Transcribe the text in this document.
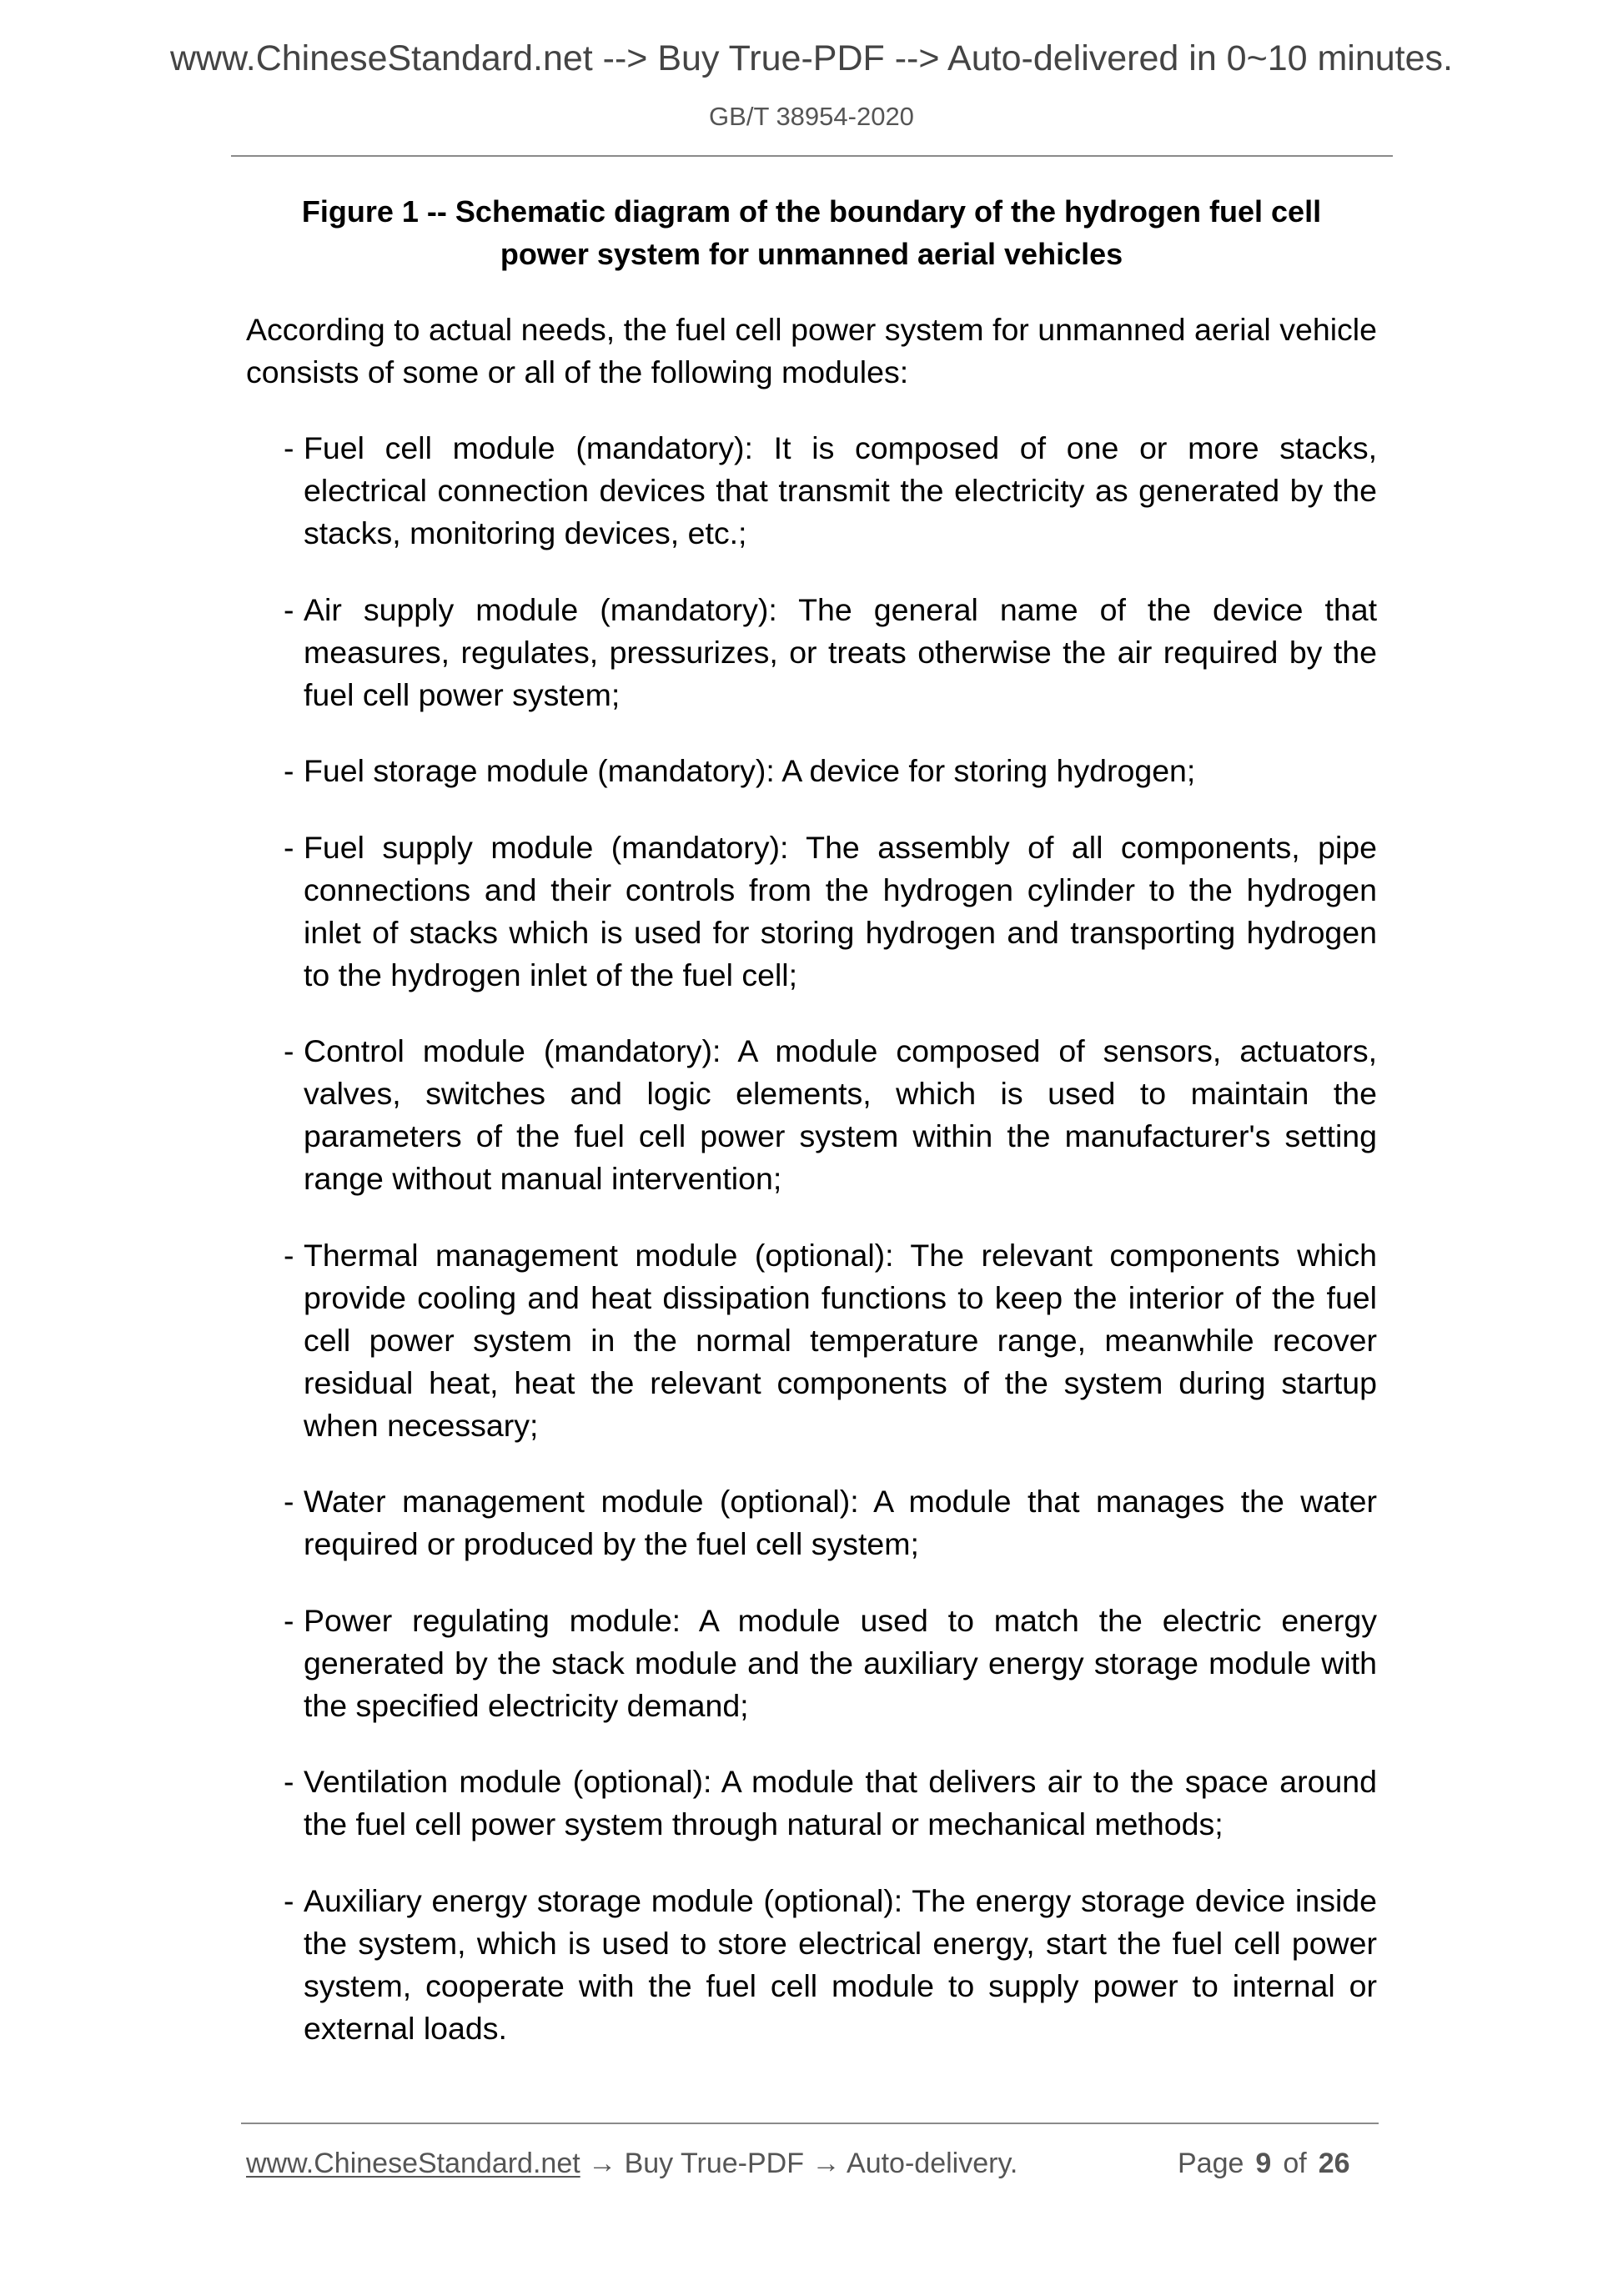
www.ChineseStandard.net --> Buy True-PDF --> Auto-delivered in 0~10 minutes.
GB/T 38954-2020
Figure 1 -- Schematic diagram of the boundary of the hydrogen fuel cell
power system for unmanned aerial vehicles

According to actual needs, the fuel cell power system for unmanned aerial vehicle consists of some or all of the following modules:

- Fuel cell module (mandatory): It is composed of one or more stacks, electrical connection devices that transmit the electricity as generated by the stacks, monitoring devices, etc.;
- Air supply module (mandatory): The general name of the device that measures, regulates, pressurizes, or treats otherwise the air required by the fuel cell power system;
- Fuel storage module (mandatory): A device for storing hydrogen;
- Fuel supply module (mandatory): The assembly of all components, pipe connections and their controls from the hydrogen cylinder to the hydrogen inlet of stacks which is used for storing hydrogen and transporting hydrogen to the hydrogen inlet of the fuel cell;
- Control module (mandatory): A module composed of sensors, actuators, valves, switches and logic elements, which is used to maintain the parameters of the fuel cell power system within the manufacturer's setting range without manual intervention;
- Thermal management module (optional): The relevant components which provide cooling and heat dissipation functions to keep the interior of the fuel cell power system in the normal temperature range, meanwhile recover residual heat, heat the relevant components of the system during startup when necessary;
- Water management module (optional): A module that manages the water required or produced by the fuel cell system;
- Power regulating module: A module used to match the electric energy generated by the stack module and the auxiliary energy storage module with the specified electricity demand;
- Ventilation module (optional): A module that delivers air to the space around the fuel cell power system through natural or mechanical methods;
- Auxiliary energy storage module (optional): The energy storage device inside the system, which is used to store electrical energy, start the fuel cell power system, cooperate with the fuel cell module to supply power to internal or external loads.
www.ChineseStandard.net → Buy True-PDF → Auto-delivery.	Page 9 of 26
